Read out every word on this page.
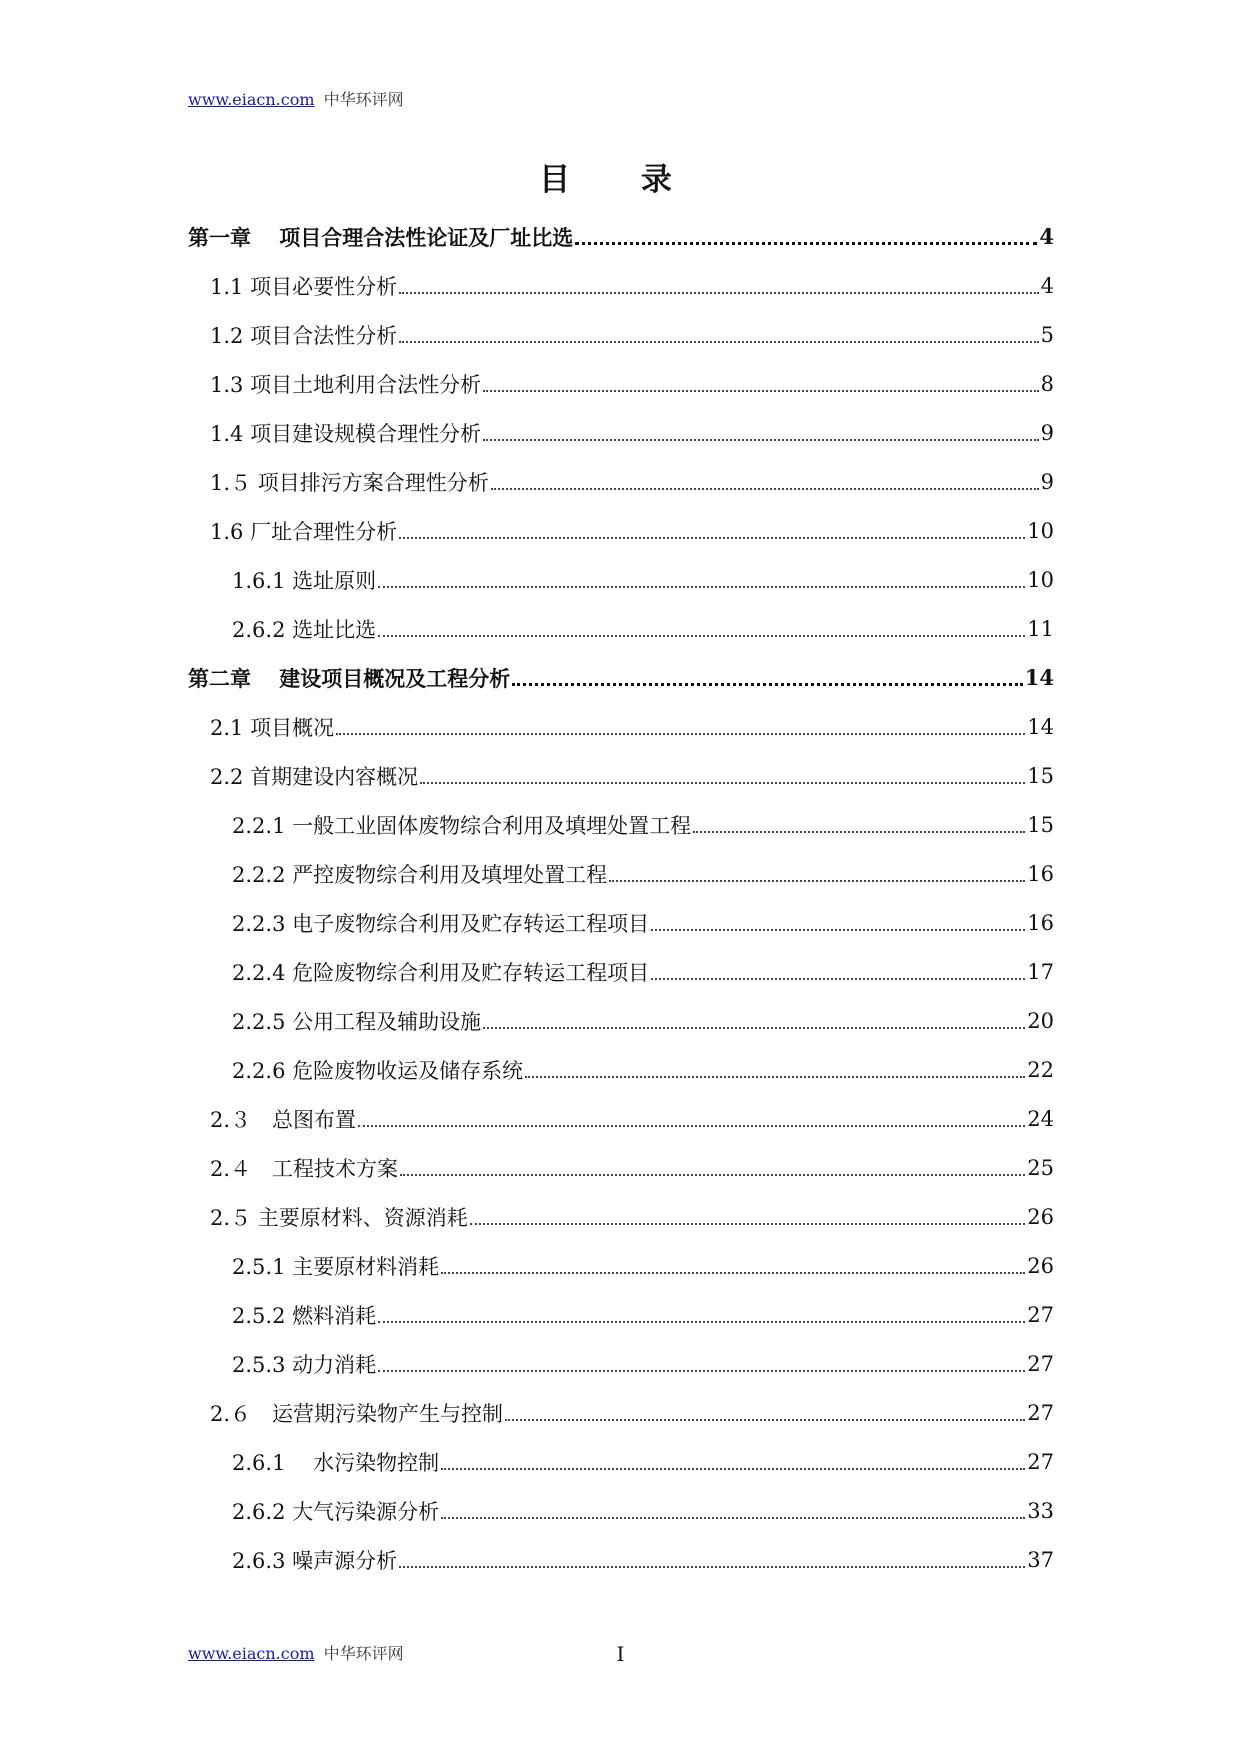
www.eiacn.com 中华环评网
目 录
第一章　 项目合理合法性论证及厂址比选	4
1.1 项目必要性分析	4
1.2 项目合法性分析	5
1.3 项目土地利用合法性分析	8
1.4 项目建设规模合理性分析	9
1.５ 项目排污方案合理性分析	9
1.6 厂址合理性分析	10
1.6.1 选址原则	10
2.6.2 选址比选	11
第二章　 建设项目概况及工程分析	14
2.1 项目概况	14
2.2 首期建设内容概况	15
2.2.1 一般工业固体废物综合利用及填埋处置工程	15
2.2.2 严控废物综合利用及填埋处置工程	16
2.2.3 电子废物综合利用及贮存转运工程项目	16
2.2.4 危险废物综合利用及贮存转运工程项目	17
2.2.5 公用工程及辅助设施	20
2.2.6 危险废物收运及储存系统	22
2.３　总图布置	24
2.４　工程技术方案	25
2.５ 主要原材料、资源消耗	26
2.5.1 主要原材料消耗	26
2.5.2 燃料消耗	27
2.5.3 动力消耗	27
2.６　运营期污染物产生与控制	27
2.6.1　 水污染物控制	27
2.6.2 大气污染源分析	33
2.6.3 噪声源分析	37
www.eiacn.com 中华环评网	I
